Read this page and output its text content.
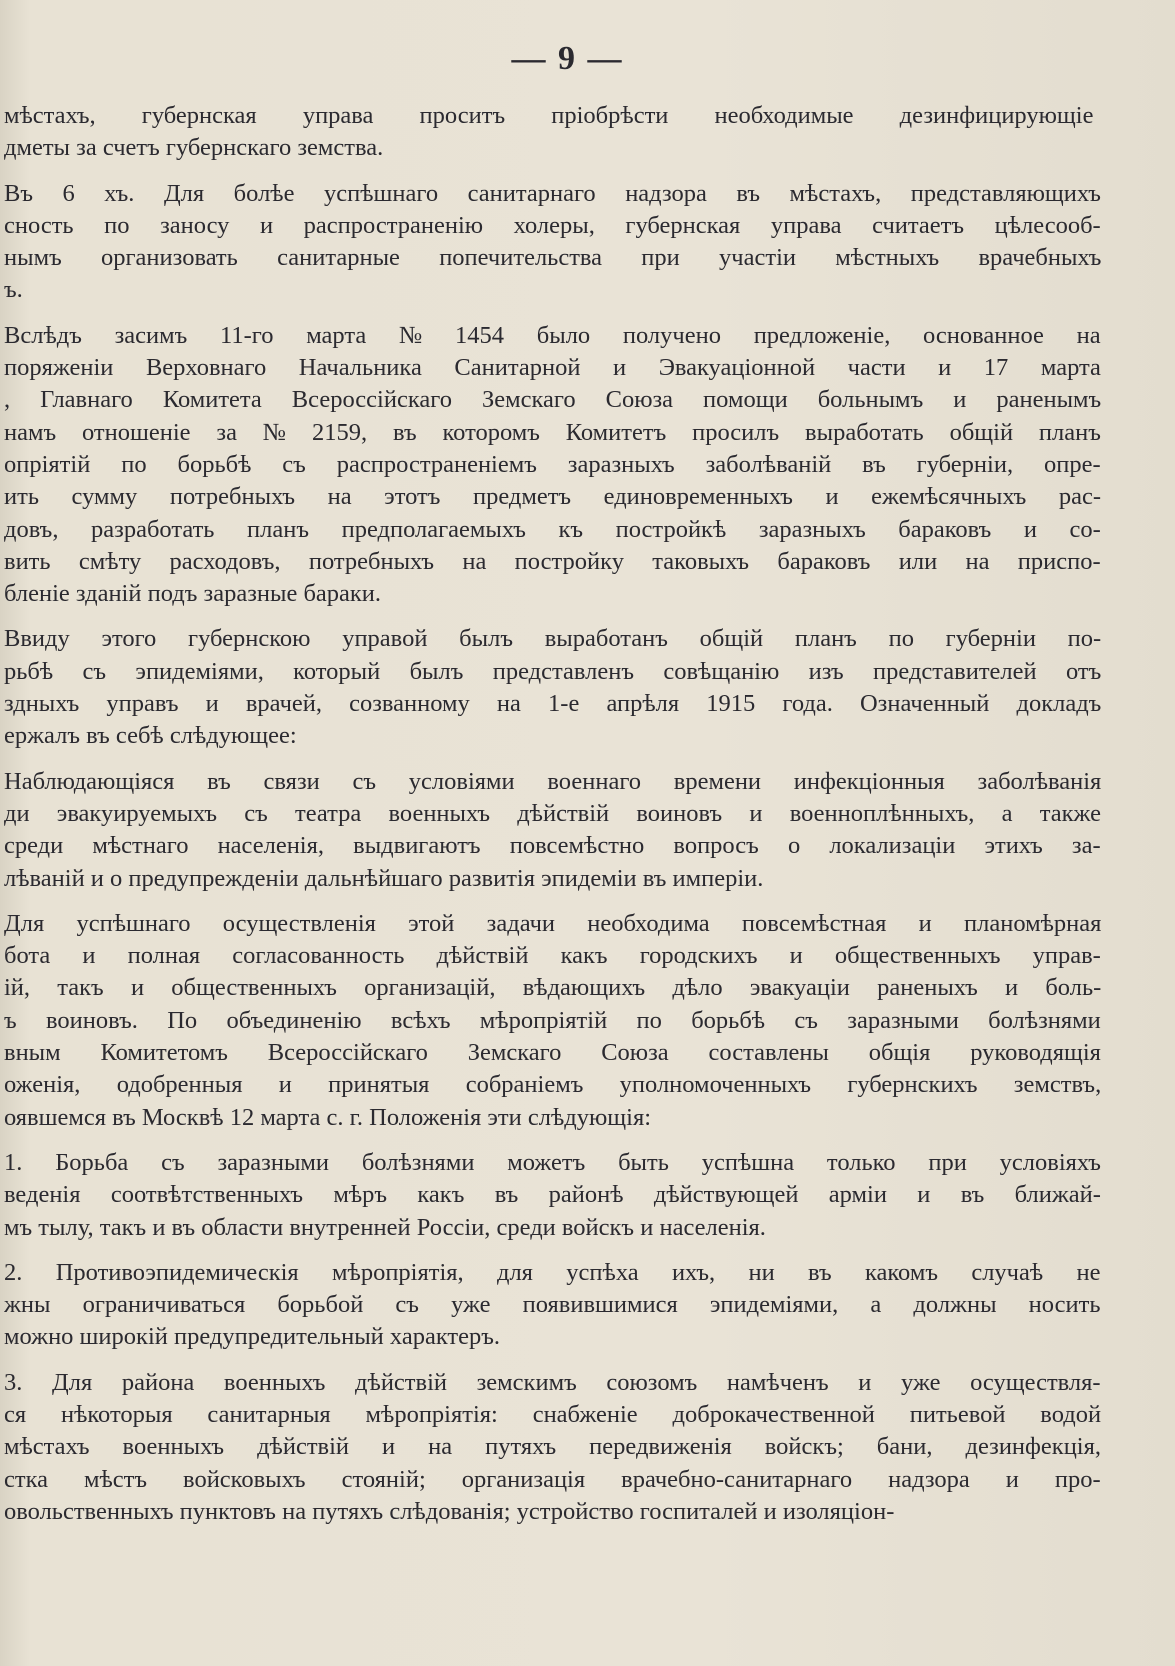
— 9 —
мѣстахъ, губернская управа проситъ пріобрѣсти необходимые дезинфицирующіе
дметы за счетъ губернскаго земства.
Въ 6 хъ. Для болѣе успѣшнаго санитарнаго надзора въ мѣстахъ, представляющихъ
сность по заносу и распространенію холеры, губернская управа считаетъ цѣлесооб-
нымъ организовать санитарные попечительства при участіи мѣстныхъ врачебныхъ
ъ.
Вслѣдъ засимъ 11-го марта № 1454 было получено предложеніе, основанное на
поряженіи Верховнаго Начальника Санитарной и Эвакуаціонной части и 17 марта
, Главнаго Комитета Всероссійскаго Земскаго Союза помощи больнымъ и раненымъ
намъ отношеніе за № 2159, въ которомъ Комитетъ просилъ выработать общій планъ
опріятій по борьбѣ съ распространеніемъ заразныхъ заболѣваній въ губерніи, опре-
ить сумму потребныхъ на этотъ предметъ единовременныхъ и ежемѣсячныхъ рас-
довъ, разработать планъ предполагаемыхъ къ постройкѣ заразныхъ бараковъ и со-
вить смѣту расходовъ, потребныхъ на постройку таковыхъ бараковъ или на приспо-
бленіе зданій подъ заразные бараки.
Ввиду этого губернскою управой былъ выработанъ общій планъ по губерніи по-
рьбѣ съ эпидеміями, который былъ представленъ совѣщанію изъ представителей отъ
здныхъ управъ и врачей, созванному на 1-е апрѣля 1915 года. Означенный докладъ
ержалъ въ себѣ слѣдующее:
Наблюдающіяся въ связи съ условіями военнаго времени инфекціонныя заболѣванія
ди эвакуируемыхъ съ театра военныхъ дѣйствій воиновъ и военноплѣнныхъ, а также
среди мѣстнаго населенія, выдвигаютъ повсемѣстно вопросъ о локализаціи этихъ за-
лѣваній и о предупрежденіи дальнѣйшаго развитія эпидеміи въ имперіи.
Для успѣшнаго осуществленія этой задачи необходима повсемѣстная и планомѣрная
бота и полная согласованность дѣйствій какъ городскихъ и общественныхъ управ-
ій, такъ и общественныхъ организацій, вѣдающихъ дѣло эвакуаціи раненыхъ и боль-
ъ воиновъ. По объединенію всѣхъ мѣропріятій по борьбѣ съ заразными болѣзнями
вным Комитетомъ Всероссійскаго Земскаго Союза составлены общія руководящія
оженія, одобренныя и принятыя собраніемъ уполномоченныхъ губернскихъ земствъ,
оявшемся въ Москвѣ 12 марта с. г. Положенія эти слѣдующія:
1. Борьба съ заразными болѣзнями можетъ быть успѣшна только при условіяхъ
веденія соотвѣтственныхъ мѣръ какъ въ районѣ дѣйствующей арміи и въ ближай-
мъ тылу, такъ и въ области внутренней Россіи, среди войскъ и населенія.
2. Противоэпидемическія мѣропріятія, для успѣха ихъ, ни въ какомъ случаѣ не
жны ограничиваться борьбой съ уже появившимися эпидеміями, а должны носить
можно широкій предупредительный характеръ.
3. Для района военныхъ дѣйствій земскимъ союзомъ намѣченъ и уже осуществля-
ся нѣкоторыя санитарныя мѣропріятія: снабженіе доброкачественной питьевой водой
мѣстахъ военныхъ дѣйствій и на путяхъ передвиженія войскъ; бани, дезинфекція,
стка мѣстъ войсковыхъ стояній; организація врачебно-санитарнаго надзора и про-
овольственныхъ пунктовъ на путяхъ слѣдованія; устройство госпиталей и изоляціон-
